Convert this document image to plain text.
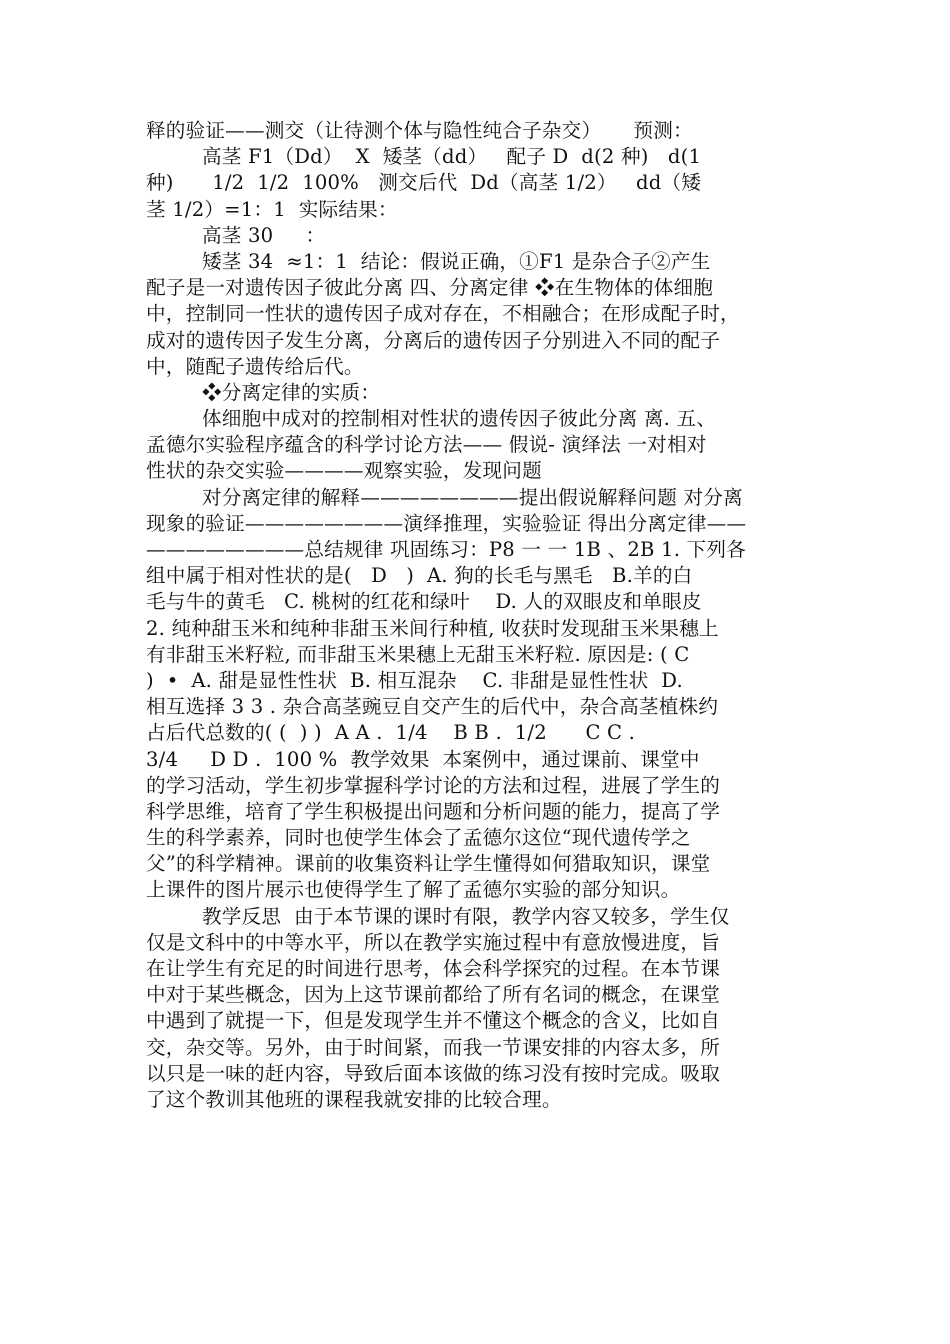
释的验证——测交（让待测个体与隐性纯合子杂交）     预测：
高茎 F1（Dd）  X  矮茎（dd）   配子 D  d(2 种)   d(1
种)      1/2  1/2  100%   测交后代  Dd（高茎 1/2）   dd（矮
茎 1/2）=1：1  实际结果：
高茎 30     ：
矮茎 34  ≈1：1  结论：假说正确，①F1 是杂合子②产生
配子是一对遗传因子彼此分离 四、分离定律 ❖在生物体的体细胞
中，控制同一性状的遗传因子成对存在，不相融合；在形成配子时，
成对的遗传因子发生分离，分离后的遗传因子分别进入不同的配子
中，随配子遗传给后代。
❖分离定律的实质：
体细胞中成对的控制相对性状的遗传因子彼此分离 离. 五、
孟德尔实验程序蕴含的科学讨论方法—— 假说- 演绎法 一对相对
性状的杂交实验————观察实验，发现问题
对分离定律的解释————————提出假说解释问题 对分离
现象的验证————————演绎推理，实验验证 得出分离定律——
————————总结规律 巩固练习：P8 一 一 1B 、2B 1. 下列各
组中属于相对性状的是(   D   )  A. 狗的长毛与黑毛   B.羊的白
毛与牛的黄毛   C. 桃树的红花和绿叶    D. 人的双眼皮和单眼皮
2. 纯种甜玉米和纯种非甜玉米间行种植, 收获时发现甜玉米果穗上
有非甜玉米籽粒, 而非甜玉米果穗上无甜玉米籽粒. 原因是: ( C
)  •  A. 甜是显性性状  B. 相互混杂    C. 非甜是显性性状  D.
相互选择 3 3 . 杂合高茎豌豆自交产生的后代中，杂合高茎植株约
占后代总数的( (  ) )  A A .  1/4    B B .  1/2      C C .
3/4     D D .  100 %  教学效果  本案例中，通过课前、课堂中
的学习活动，学生初步掌握科学讨论的方法和过程，进展了学生的
科学思维，培育了学生积极提出问题和分析问题的能力，提高了学
生的科学素养，同时也使学生体会了孟德尔这位“现代遗传学之
父”的科学精神。课前的收集资料让学生懂得如何猎取知识，课堂
上课件的图片展示也使得学生了解了孟德尔实验的部分知识。
教学反思  由于本节课的课时有限，教学内容又较多，学生仅
仅是文科中的中等水平，所以在教学实施过程中有意放慢进度，旨
在让学生有充足的时间进行思考，体会科学探究的过程。在本节课
中对于某些概念，因为上这节课前都给了所有名词的概念，在课堂
中遇到了就提一下，但是发现学生并不懂这个概念的含义，比如自
交，杂交等。另外，由于时间紧，而我一节课安排的内容太多，所
以只是一味的赶内容，导致后面本该做的练习没有按时完成。吸取
了这个教训其他班的课程我就安排的比较合理。
